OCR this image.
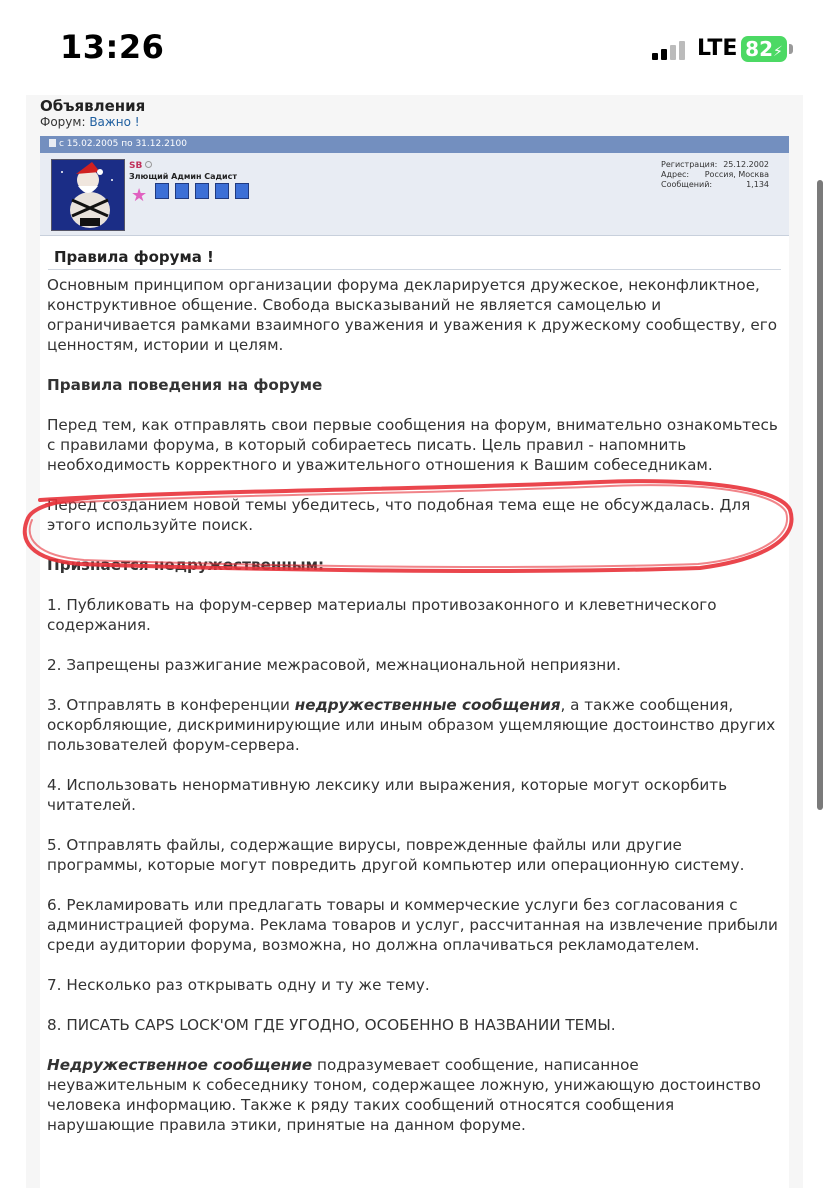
13:26	LTE 82⚡
Объявления
Форум: Важно !
с 15.02.2005 по 31.12.2100
SB
Злющий Админ Садист
★
Регистрация: 25.12.2002
Адрес: Россия, Москва
Сообщений:	1,134
Правила форума !

Основным принципом организации форума декларируется дружеское, неконфликтное, конструктивное общение. Свобода высказываний не является самоцелью и ограничивается рамками взаимного уважения и уважения к дружескому сообществу, его ценностям, истории и целям.

Правила поведения на форуме

Перед тем, как отправлять свои первые сообщения на форум, внимательно ознакомьтесь с правилами форума, в который собираетесь писать. Цель правил - напомнить необходимость корректного и уважительного отношения к Вашим собеседникам.

Перед созданием новой темы убедитесь, что подобная тема еще не обсуждалась. Для этого используйте поиск.

Признается недружественным:

1. Публиковать на форум-сервер материалы противозаконного и клеветнического содержания.

2. Запрещены разжигание межрасовой, межнациональной неприязни.

3. Отправлять в конференции недружественные сообщения, а также сообщения, оскорбляющие, дискриминирующие или иным образом ущемляющие достоинство других пользователей форум-сервера.

4. Использовать ненормативную лексику или выражения, которые могут оскорбить читателей.

5. Отправлять файлы, содержащие вирусы, поврежденные файлы или другие программы, которые могут повредить другой компьютер или операционную систему.

6. Рекламировать или предлагать товары и коммерческие услуги без согласования с администрацией форума. Реклама товаров и услуг, рассчитанная на извлечение прибыли среди аудитории форума, возможна, но должна оплачиваться рекламодателем.

7. Несколько раз открывать одну и ту же тему.

8. ПИСАТЬ CAPS LOCK'ОМ ГДЕ УГОДНО, ОСОБЕННО В НАЗВАНИИ ТЕМЫ.

Недружественное сообщение подразумевает сообщение, написанное неуважительным к собеседнику тоном, содержащее ложную, унижающую достоинство человека информацию. Также к ряду таких сообщений относятся сообщения нарушающие правила этики, принятые на данном форуме.
